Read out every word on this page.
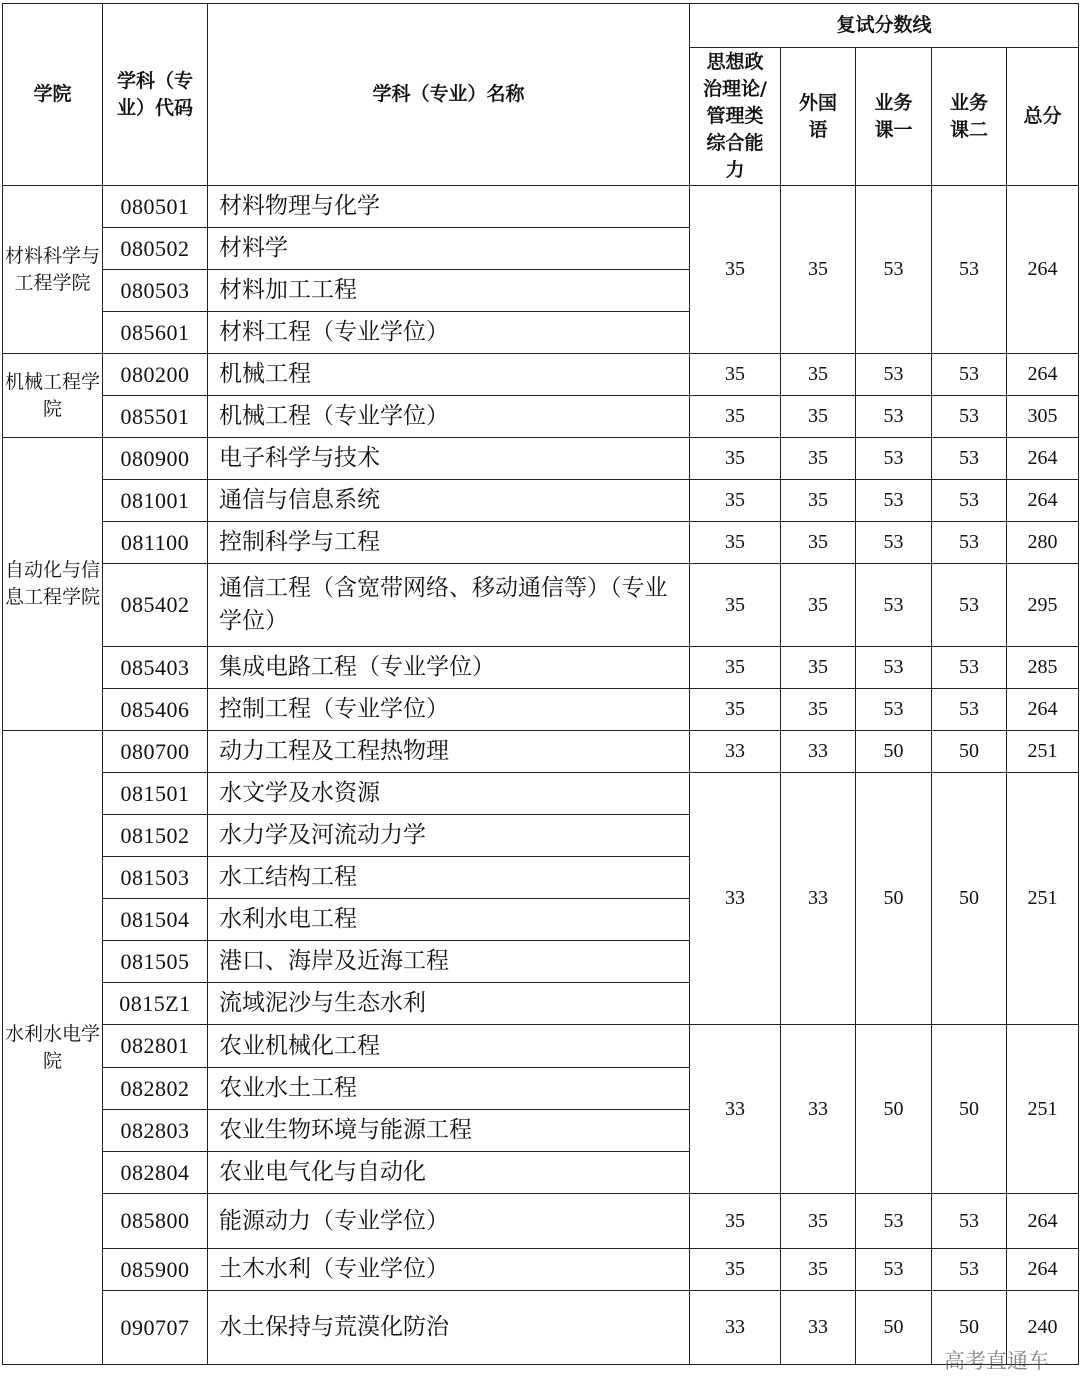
学院	学科（专业）代码	学科（专业）名称	复试分数线				
			思想政治理论/管理类综合能力	外国语	业务课一	业务课二	总分
材料科学与工程学院	080501	材料物理与化学	35	35	53	53	264
	080502	材料学					
	080503	材料加工工程					
	085601	材料工程（专业学位）					
机械工程学院	080200	机械工程	35	35	53	53	264
	085501	机械工程（专业学位）	35	35	53	53	305
自动化与信息工程学院	080900	电子科学与技术	35	35	53	53	264
	081001	通信与信息系统	35	35	53	53	264
	081100	控制科学与工程	35	35	53	53	280
	085402	通信工程（含宽带网络、移动通信等）（专业学位）	35	35	53	53	295
	085403	集成电路工程（专业学位）	35	35	53	53	285
	085406	控制工程（专业学位）	35	35	53	53	264
水利水电学院	080700	动力工程及工程热物理	33	33	50	50	251
	081501	水文学及水资源	33	33	50	50	251
	081502	水力学及河流动力学					
	081503	水工结构工程					
	081504	水利水电工程					
	081505	港口、海岸及近海工程					
	0815Z1	流域泥沙与生态水利					
	082801	农业机械化工程	33	33	50	50	251
	082802	农业水土工程					
	082803	农业生物环境与能源工程					
	082804	农业电气化与自动化					
	085800	能源动力（专业学位）	35	35	53	53	264
	085900	土木水利（专业学位）	35	35	53	53	264
	090707	水土保持与荒漠化防治	33	33	50	50	240
高考直通车
